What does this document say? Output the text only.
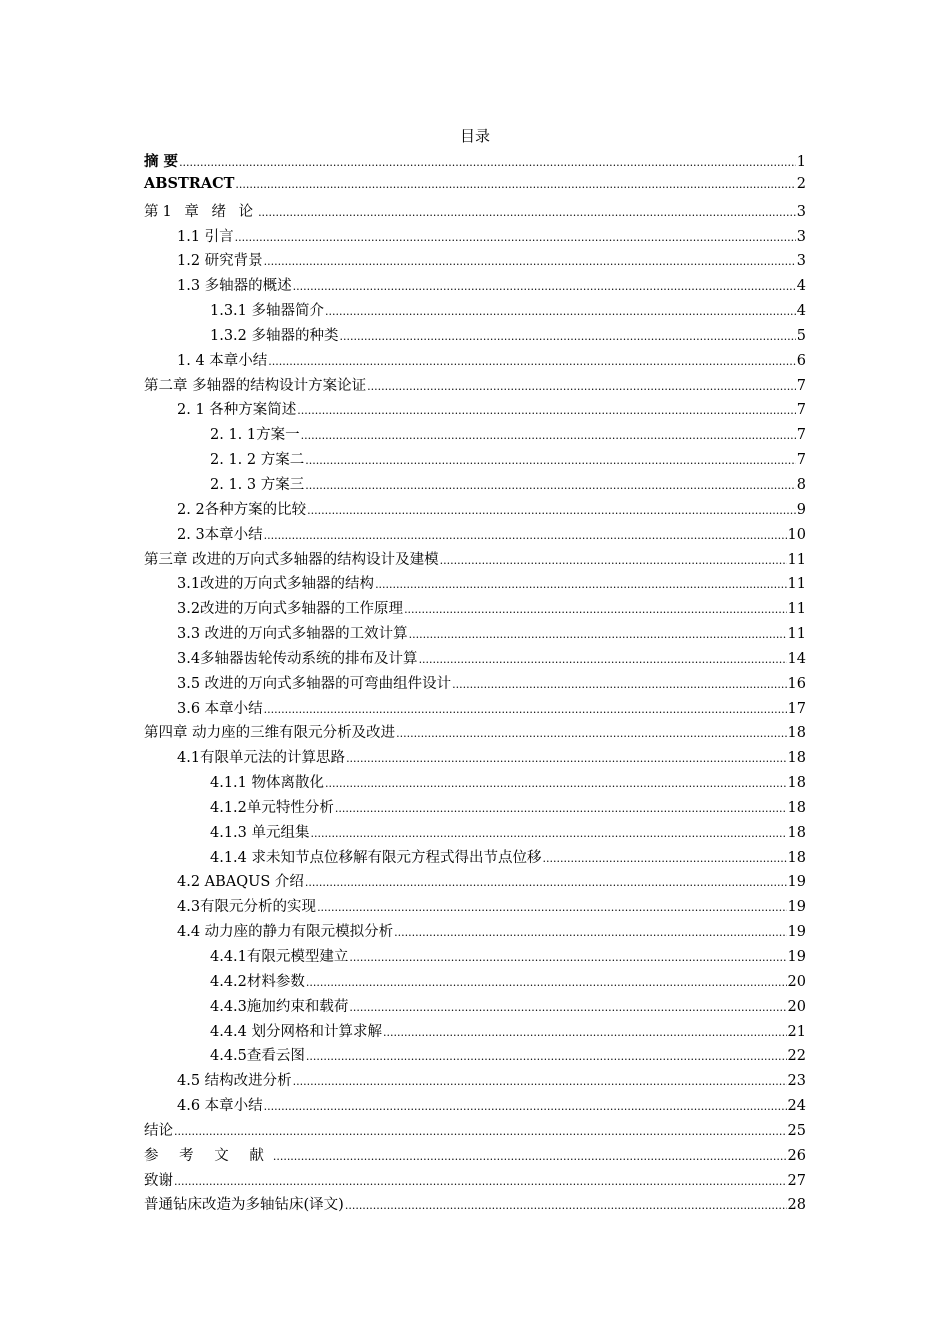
目录
摘 要 .....	1
ABSTRACT .....	2
第1 章 绪 论 .....	3
1.1 引言 .....	3
1.2 研究背景 .....	3
1.3 多轴器的概述 .....	4
1.3.1 多轴器简介 .....	4
1.3.2 多轴器的种类 .....	5
1. 4 本章小结 .....	6
第二章 多轴器的结构设计方案论证 .....	7
2. 1 各种方案简述 .....	7
2. 1. 1方案一 .....	7
2. 1. 2 方案二 .....	7
2. 1. 3 方案三 .....	8
2. 2各种方案的比较 .....	9
2. 3本章小结 .....	10
第三章 改进的万向式多轴器的结构设计及建模 .....	11
3.1改进的万向式多轴器的结构 .....	11
3.2改进的万向式多轴器的工作原理 .....	11
3.3 改进的万向式多轴器的工效计算 .....	11
3.4多轴器齿轮传动系统的排布及计算 .....	14
3.5 改进的万向式多轴器的可弯曲组件设计 .....	16
3.6 本章小结 .....	17
第四章 动力座的三维有限元分析及改进 .....	18
4.1有限单元法的计算思路 .....	18
4.1.1 物体离散化 .....	18
4.1.2单元特性分析 .....	18
4.1.3 单元组集 .....	18
4.1.4 求未知节点位移解有限元方程式得出节点位移 .....	18
4.2 ABAQUS 介绍 .....	19
4.3有限元分析的实现 .....	19
4.4 动力座的静力有限元模拟分析 .....	19
4.4.1有限元模型建立 .....	19
4.4.2材料参数 .....	20
4.4.3施加约束和载荷 .....	20
4.4.4 划分网格和计算求解 .....	21
4.4.5查看云图 .....	22
4.5 结构改进分析 .....	23
4.6 本章小结 .....	24
结论 .....	25
参 考 文 献 .....	26
致谢 .....	27
普通钻床改造为多轴钻床(译文) .....	28
